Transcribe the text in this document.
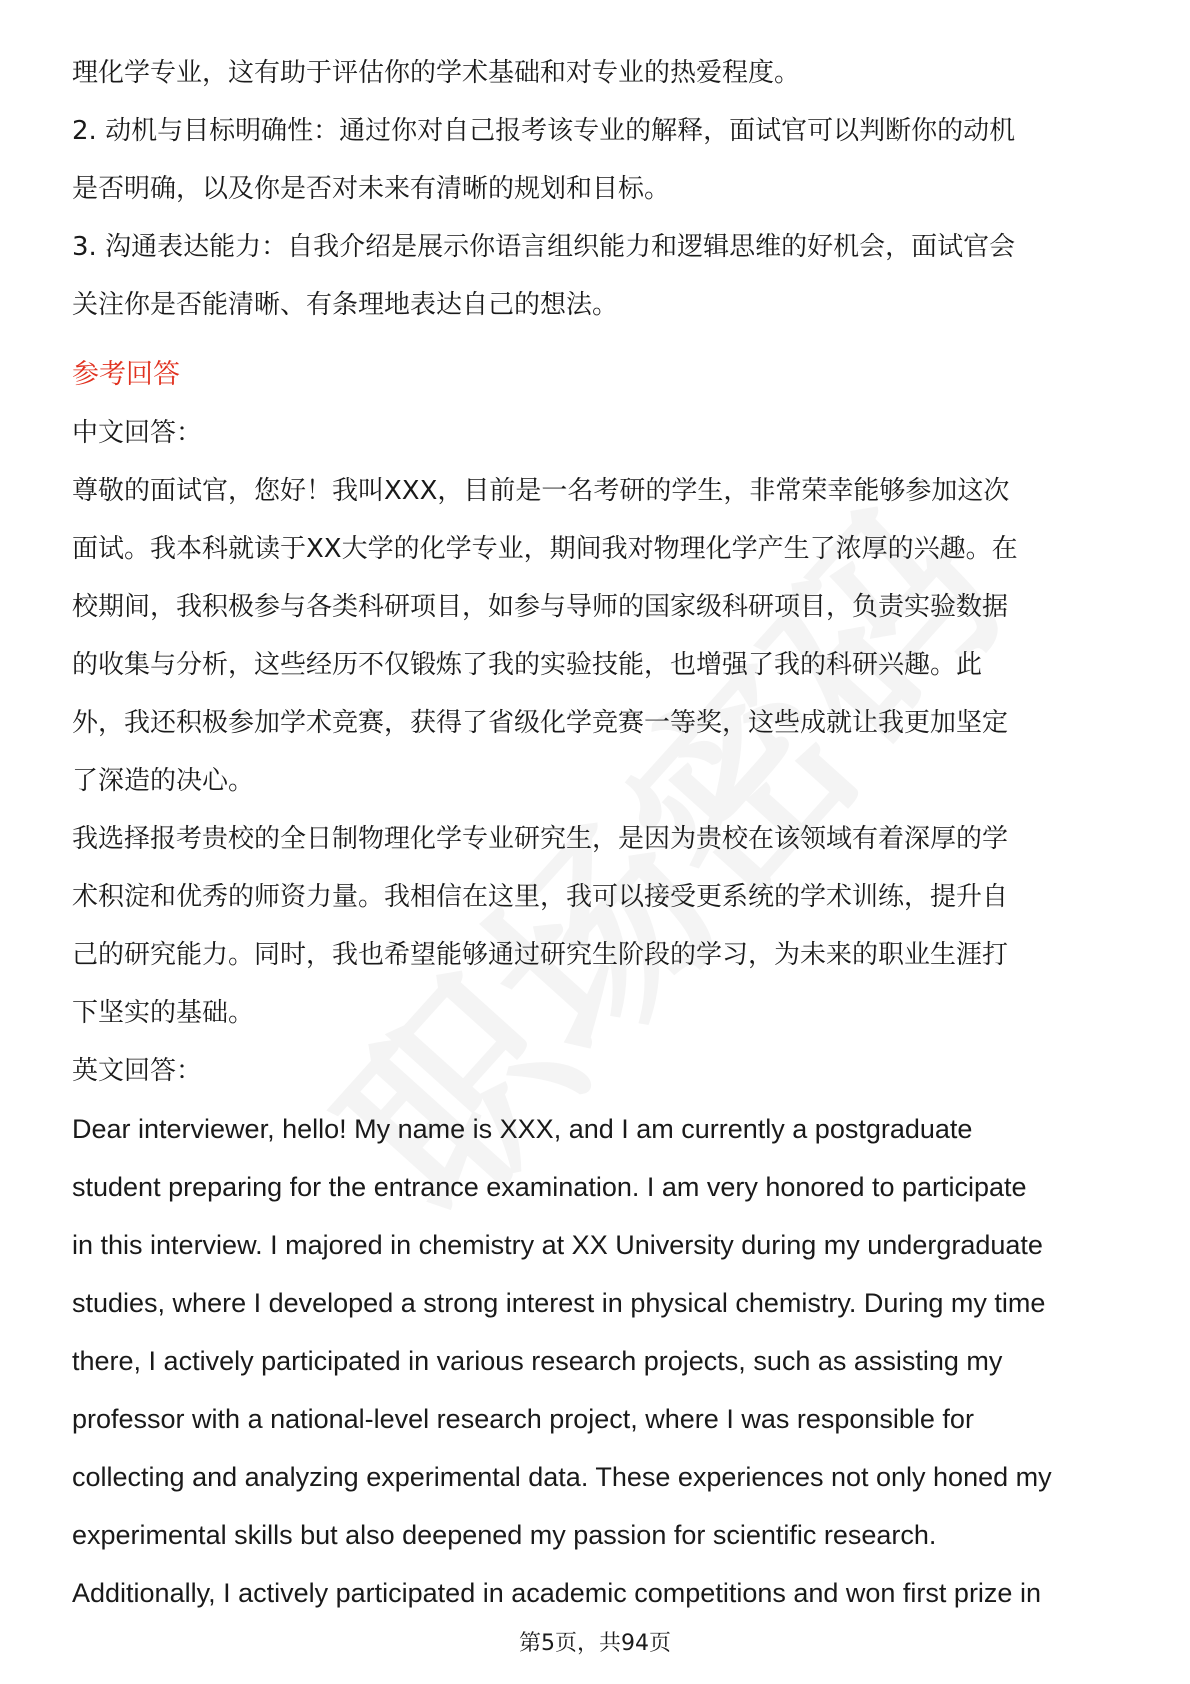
理化学专业，这有助于评估你的学术基础和对专业的热爱程度。
2. 动机与目标明确性：通过你对自己报考该专业的解释，面试官可以判断你的动机
是否明确，以及你是否对未来有清晰的规划和目标。
3. 沟通表达能力：自我介绍是展示你语言组织能力和逻辑思维的好机会，面试官会
关注你是否能清晰、有条理地表达自己的想法。
参考回答
中文回答：
尊敬的面试官，您好！我叫XXX，目前是一名考研的学生，非常荣幸能够参加这次
面试。我本科就读于XX大学的化学专业，期间我对物理化学产生了浓厚的兴趣。在
校期间，我积极参与各类科研项目，如参与导师的国家级科研项目，负责实验数据
的收集与分析，这些经历不仅锻炼了我的实验技能，也增强了我的科研兴趣。此
外，我还积极参加学术竞赛，获得了省级化学竞赛一等奖，这些成就让我更加坚定
了深造的决心。
我选择报考贵校的全日制物理化学专业研究生，是因为贵校在该领域有着深厚的学
术积淀和优秀的师资力量。我相信在这里，我可以接受更系统的学术训练，提升自
己的研究能力。同时，我也希望能够通过研究生阶段的学习，为未来的职业生涯打
下坚实的基础。
英文回答：
Dear interviewer, hello! My name is XXX, and I am currently a postgraduate
student preparing for the entrance examination. I am very honored to participate
in this interview. I majored in chemistry at XX University during my undergraduate
studies, where I developed a strong interest in physical chemistry. During my time
there, I actively participated in various research projects, such as assisting my
professor with a national-level research project, where I was responsible for
collecting and analyzing experimental data. These experiences not only honed my
experimental skills but also deepened my passion for scientific research.
Additionally, I actively participated in academic competitions and won first prize in
第5页，共94页
